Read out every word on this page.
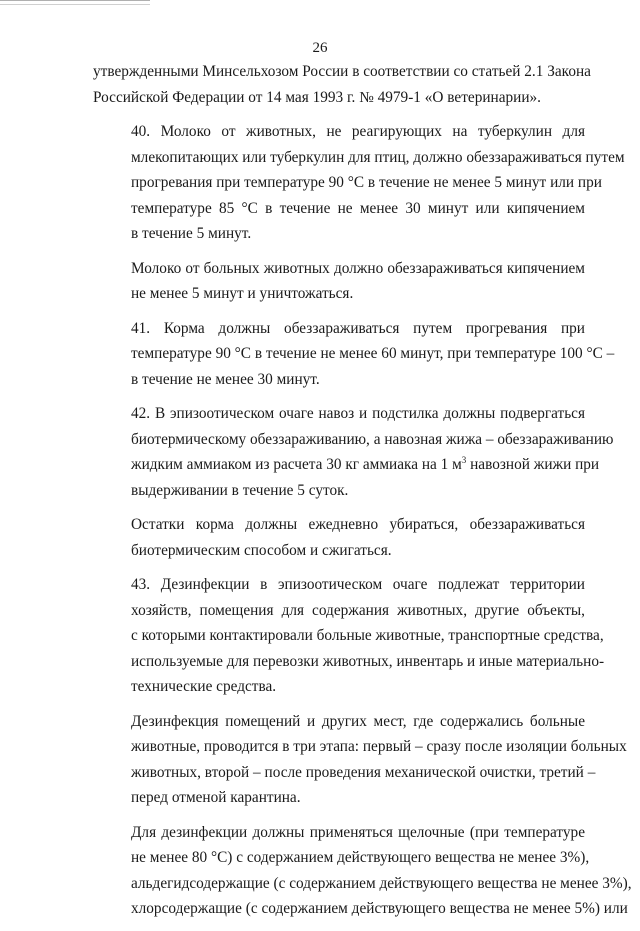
26

утвержденными Минсельхозом России в соответствии со статьей 2.1 Закона
Российской Федерации от 14 мая 1993 г. № 4979-1 «О ветеринарии».

40. Молоко от животных, не реагирующих на туберкулин для
млекопитающих или туберкулин для птиц, должно обеззараживаться путем
прогревания при температуре 90 °С в течение не менее 5 минут или при
температуре 85 °С в течение не менее 30 минут или кипячением
в течение 5 минут.

Молоко от больных животных должно обеззараживаться кипячением
не менее 5 минут и уничтожаться.

41. Корма должны обеззараживаться путем прогревания при
температуре 90 °С в течение не менее 60 минут, при температуре 100 °С –
в течение не менее 30 минут.

42. В эпизоотическом очаге навоз и подстилка должны подвергаться
биотермическому обеззараживанию, а навозная жижа – обеззараживанию
жидким аммиаком из расчета 30 кг аммиака на 1 $м^3$ навозной жижи при
выдерживании в течение 5 суток.

Остатки корма должны ежедневно убираться, обеззараживаться
биотермическим способом и сжигаться.

43. Дезинфекции в эпизоотическом очаге подлежат территории
хозяйств, помещения для содержания животных, другие объекты,
с которыми контактировали больные животные, транспортные средства,
используемые для перевозки животных, инвентарь и иные материально-
технические средства.

Дезинфекция помещений и других мест, где содержались больные
животные, проводится в три этапа: первый – сразу после изоляции больных
животных, второй – после проведения механической очистки, третий –
перед отменой карантина.

Для дезинфекции должны применяться щелочные (при температуре
не менее 80 °С) с содержанием действующего вещества не менее 3%),
альдегидсодержащие (с содержанием действующего вещества не менее 3%),
хлорсодержащие (с содержанием действующего вещества не менее 5%) или
